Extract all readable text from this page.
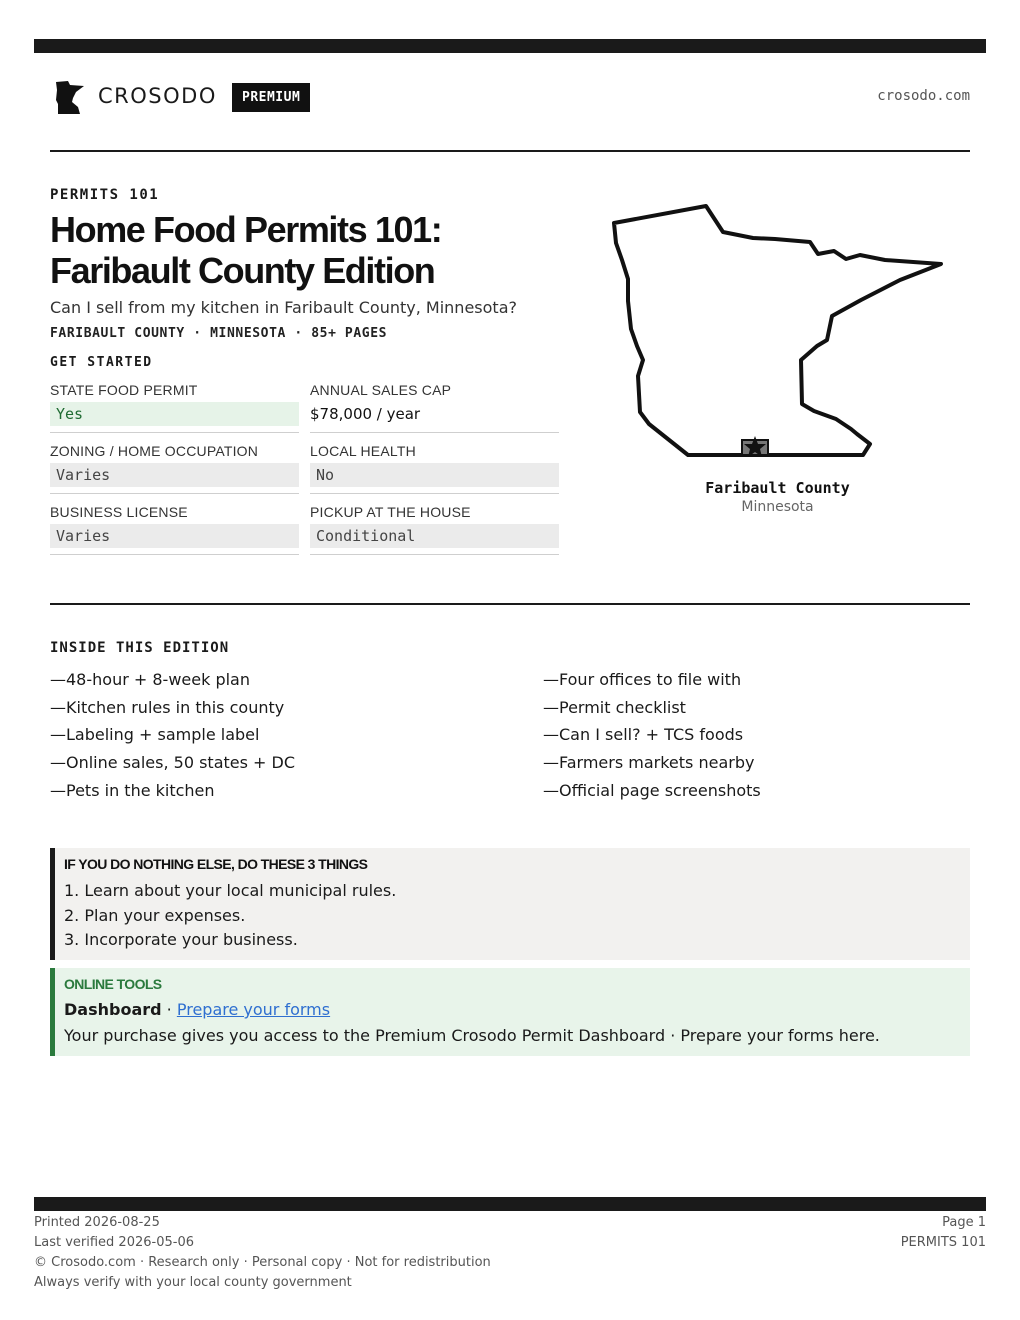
CROSODO	PREMIUM	crosodo.com
PERMITS 101
Home Food Permits 101:
Faribault County Edition
Can I sell from my kitchen in Faribault County, Minnesota?
FARIBAULT COUNTY · MINNESOTA · 85+ PAGES
GET STARTED
STATE FOOD PERMIT
Yes
ANNUAL SALES CAP
$78,000 / year
ZONING / HOME OCCUPATION
Varies
LOCAL HEALTH
No
BUSINESS LICENSE
Varies
PICKUP AT THE HOUSE
Conditional
Faribault County
Minnesota
INSIDE THIS EDITION
—48-hour + 8-week plan
—Kitchen rules in this county
—Labeling + sample label
—Online sales, 50 states + DC
—Pets in the kitchen
—Four offices to file with
—Permit checklist
—Can I sell? + TCS foods
—Farmers markets nearby
—Official page screenshots
IF YOU DO NOTHING ELSE, DO THESE 3 THINGS
1. Learn about your local municipal rules.
2. Plan your expenses.
3. Incorporate your business.
ONLINE TOOLS
Dashboard · Prepare your forms
Your purchase gives you access to the Premium Crosodo Permit Dashboard · Prepare your forms here.
Printed 2026-08-25
Last verified 2026-05-06
© Crosodo.com · Research only · Personal copy · Not for redistribution
Always verify with your local county government
Page 1
PERMITS 101
